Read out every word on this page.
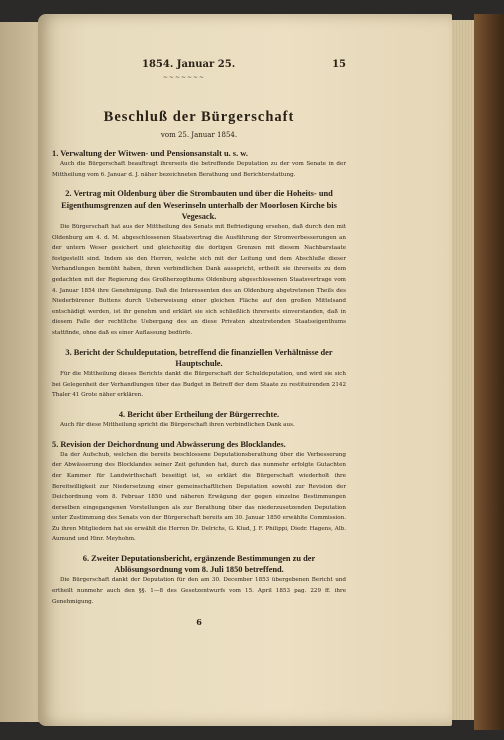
1854. Januar 25.	15
~~~~~~~
Beschluß der Bürgerschaft
vom 25. Januar 1854.
1. Verwaltung der Witwen- und Pensionsanstalt u. s. w.
Auch die Bürgerschaft beauftragt ihrerseits die betreffende Deputation zu der vom Senate in der Mittheilung vom 6. Januar d. J. näher bezeichneten Berathung und Berichterstattung.
2. Vertrag mit Oldenburg über die Strombauten und über die Hoheits- und Eigenthumsgrenzen auf den Weserinseln unterhalb der Moorlosen Kirche bis Vegesack.
Die Bürgerschaft hat aus der Mittheilung des Senats mit Befriedigung ersehen, daß durch den mit Oldenburg am 4. d. M. abgeschlossenen Staatsvertrag die Ausführung der Stromverbesserungen an der untern Weser gesichert und gleichzeitig die dortigen Grenzen mit diesem Nachbarstaate festgestellt sind. Indem sie den Herren, welche sich mit der Leitung und dem Abschluße dieser Verhandlungen bemüht haben, ihren verbindlichen Dank ausspricht, ertheilt sie ihrerseits zu dem gedachten mit der Regierung des Großherzogthums Oldenburg abgeschlossenen Staatsvertrage vom 4. Januar 1854 ihre Genehmigung. Daß die Interessenten des an Oldenburg abgetretenen Theils des Niederbürener Buttens durch Ueberweisung einer gleichen Fläche auf den großen Mittelsand entschädigt werden, ist ihr genehm und erklärt sie sich schließlich ihrerseits einverstanden, daß in diesem Falle der rechtliche Uebergang des an diese Privaten abzutretenden Staatseigenthums stattfinde, ohne daß es einer Auflassung bedürfe.
3. Bericht der Schuldeputation, betreffend die finanziellen Verhältnisse der Hauptschule.
Für die Mittheilung dieses Berichts dankt die Bürgerschaft der Schuldeputation, und wird sie sich bei Gelegenheit der Verhandlungen über das Budget in Betreff der dem Staate zu restituirenden 2142 Thaler 41 Grote näher erklären.
4. Bericht über Ertheilung der Bürgerrechte.
Auch für diese Mittheilung spricht die Bürgerschaft ihren verbindlichen Dank aus.
5. Revision der Deichordnung und Abwässerung des Blocklandes.
Da der Aufschub, welchen die bereits beschlossene Deputationsberathung über die Verbesserung der Abwässerung des Blocklandes seiner Zeit gefunden hat, durch das nunmehr erfolgte Gutachten der Kammer für Landwirthschaft beseitigt ist, so erklärt die Bürgerschaft wiederholt ihre Bereitwilligkeit zur Niedersetzung einer gemeinschaftlichen Deputation sowohl zur Revision der Deichordnung vom 8. Februar 1850 und näheren Erwägung der gegen einzelne Bestimmungen derselben eingegangenen Vorstellungen als zur Berathung über das niederzusetzenden Deputation unter Zustimmung des Senats von der Bürgerschaft bereits am 30. Januar 1850 erwählte Commission. Zu ihren Mitgliedern hat sie erwählt die Herren Dr. Delrichs, G. Klud, J. F. Philippi, Diedr. Hagens, Alb. Aumund und Hinr. Meyhohm.
6. Zweiter Deputationsbericht, ergänzende Bestimmungen zu der Ablösungsordnung vom 8. Juli 1850 betreffend.
Die Bürgerschaft dankt der Deputation für den am 30. December 1853 übergebenen Bericht und ertheilt nunmehr auch den §§. 1—8 des Gesetzentwurfs vom 15. April 1853 pag. 229 ff. ihre Genehmigung.
6
